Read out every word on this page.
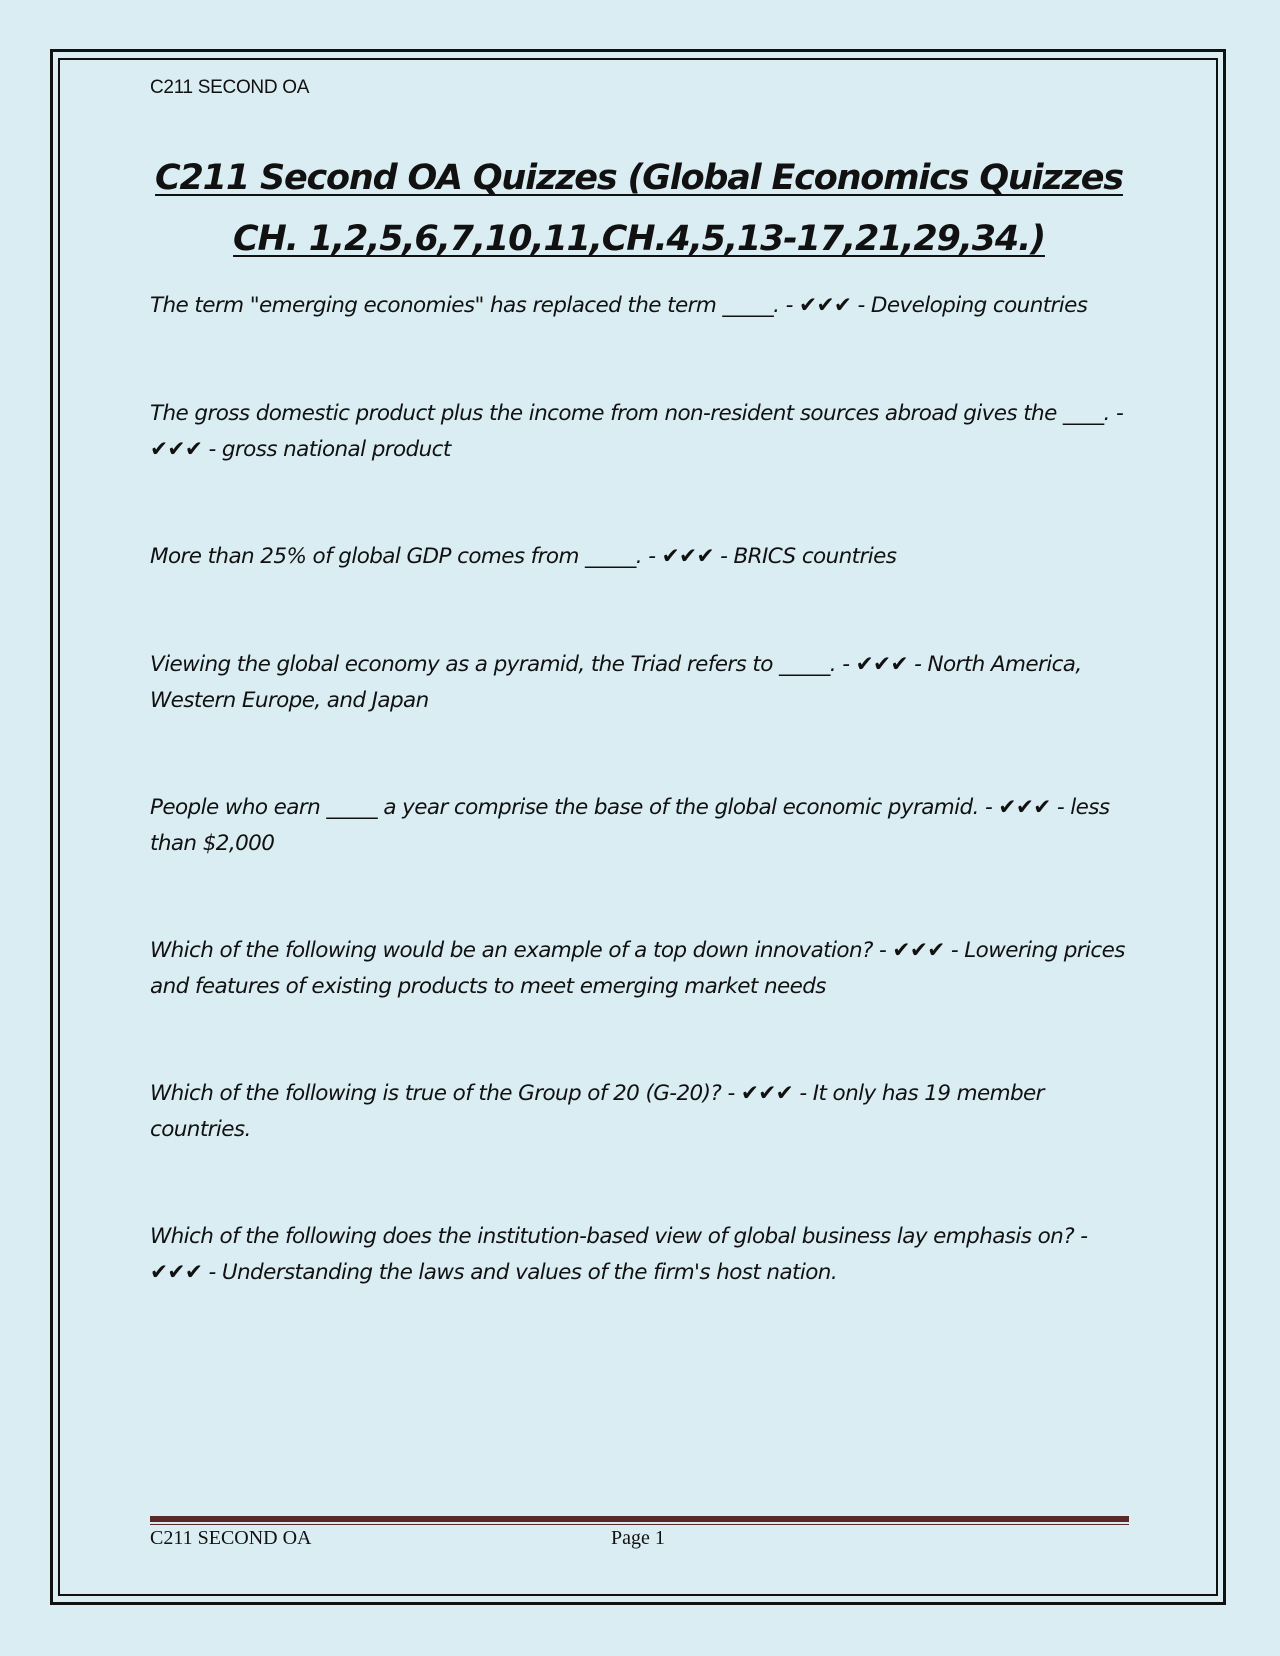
C211 SECOND OA
C211 Second OA Quizzes (Global Economics Quizzes CH. 1,2,5,6,7,10,11,CH.4,5,13-17,21,29,34.)

The term "emerging economies" has replaced the term _____. - ✔✔✔ - Developing countries

The gross domestic product plus the income from non-resident sources abroad gives the ____. - ✔✔✔ - gross national product

More than 25% of global GDP comes from _____. - ✔✔✔ - BRICS countries

Viewing the global economy as a pyramid, the Triad refers to _____. - ✔✔✔ - North America, Western Europe, and Japan

People who earn _____ a year comprise the base of the global economic pyramid. - ✔✔✔ - less than $2,000

Which of the following would be an example of a top down innovation? - ✔✔✔ - Lowering prices and features of existing products to meet emerging market needs

Which of the following is true of the Group of 20 (G-20)? - ✔✔✔ - It only has 19 member countries.

Which of the following does the institution-based view of global business lay emphasis on? - ✔✔✔ - Understanding the laws and values of the firm's host nation.

C211 SECOND OA	Page 1
